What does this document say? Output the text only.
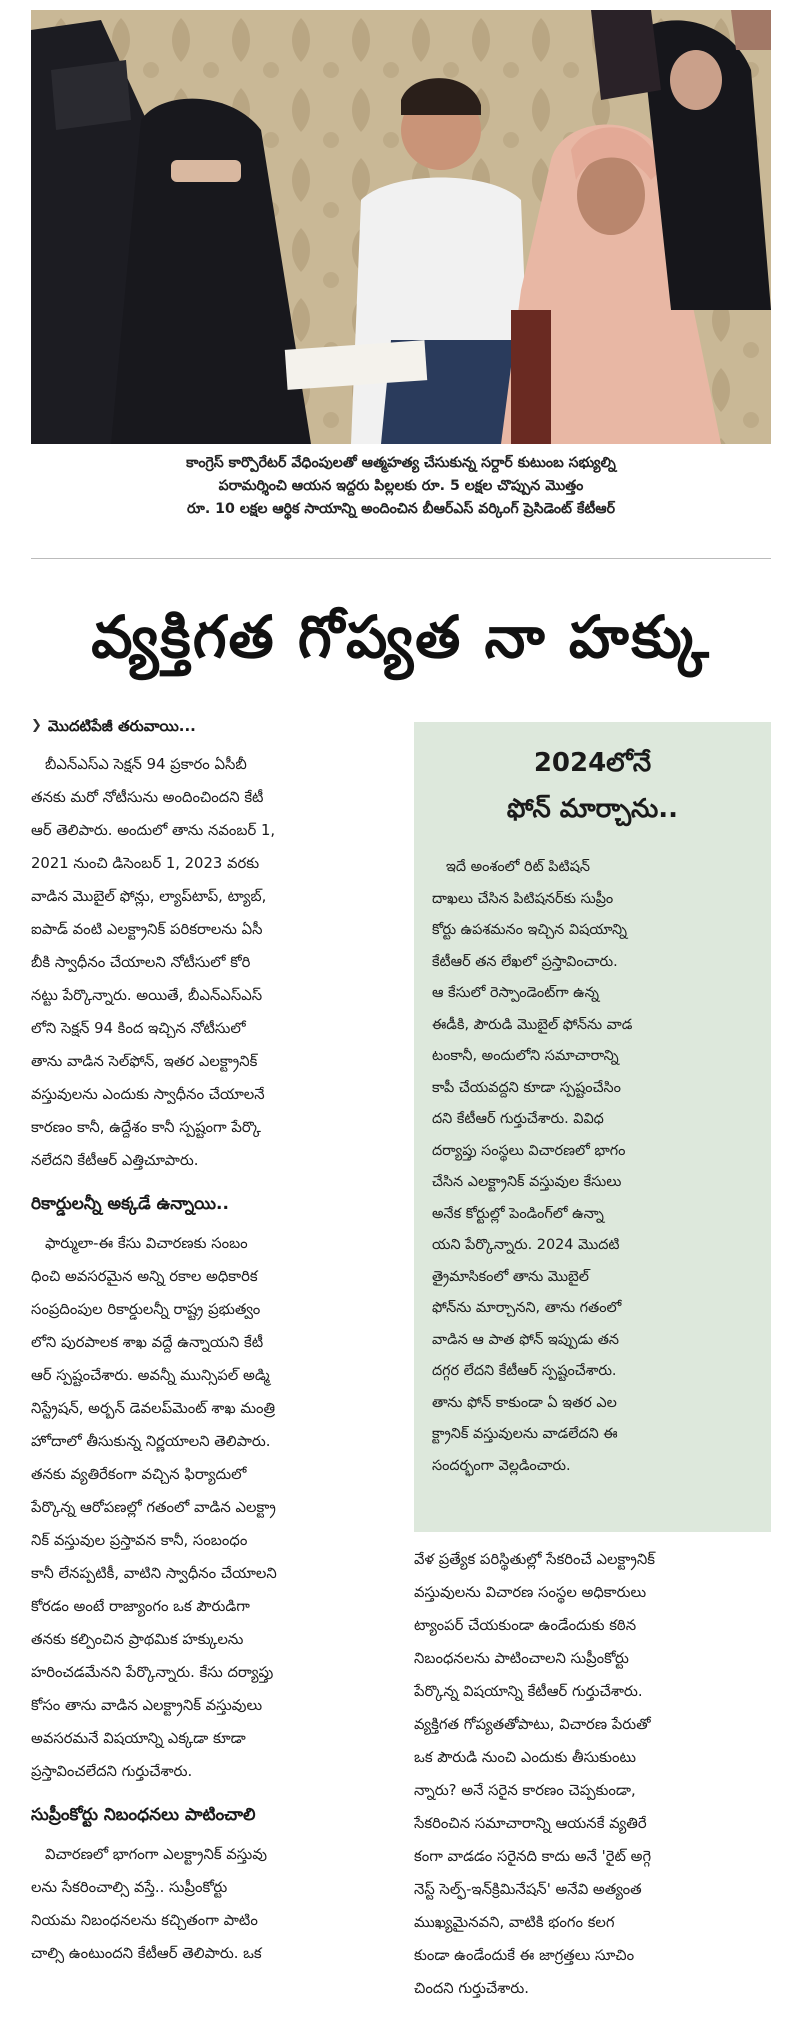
కాంగ్రెస్ కార్పొరేటర్ వేధింపులతో ఆత్మహత్య చేసుకున్న సర్దార్ కుటుంబ సభ్యుల్ని
పరామర్శించి ఆయన ఇద్దరు పిల్లలకు రూ. 5 లక్షల చొప్పున మొత్తం
రూ. 10 లక్షల ఆర్థిక సాయాన్ని అందించిన బీఆర్‌ఎస్ వర్కింగ్ ప్రెసిడెంట్ కేటీఆర్
వ్యక్తిగత గోప్యత నా హక్కు
❯ మొదటిపేజీ తరువాయి...
బీఎన్ఎస్ఎ సెక్షన్ 94 ప్రకారం ఏసీబీ
తనకు మరో నోటీసును అందించిందని కేటీ
ఆర్ తెలిపారు. అందులో తాను నవంబర్ 1,
2021 నుంచి డిసెంబర్ 1, 2023 వరకు
వాడిన మొబైల్ ఫోన్లు, ల్యాప్‌టాప్, ట్యాబ్,
ఐపాడ్ వంటి ఎలక్ట్రానిక్ పరికరాలను ఏసీ
బీకి స్వాధీనం చేయాలని నోటీసులో కోరి
నట్టు పేర్కొన్నారు. అయితే, బీఎన్ఎస్ఎస్
లోని సెక్షన్ 94 కింద ఇచ్చిన నోటీసులో
తాను వాడిన సెల్‌ఫోన్, ఇతర ఎలక్ట్రానిక్
వస్తువులను ఎందుకు స్వాధీనం చేయాలనే
కారణం కానీ, ఉద్దేశం కానీ స్పష్టంగా పేర్కొ
నలేదని కేటీఆర్ ఎత్తిచూపారు.
రికార్డులన్నీ అక్కడే ఉన్నాయి..
ఫార్ములా-ఈ కేసు విచారణకు సంబం
ధించి అవసరమైన అన్ని రకాల అధికారిక
సంప్రదింపుల రికార్డులన్నీ రాష్ట్ర ప్రభుత్వం
లోని పురపాలక శాఖ వద్దే ఉన్నాయని కేటీ
ఆర్ స్పష్టంచేశారు. అవన్నీ మున్సిపల్ అడ్మి
నిస్ట్రేషన్, అర్బన్ డెవలప్‌మెంట్ శాఖ మంత్రి
హోదాలో తీసుకున్న నిర్ణయాలని తెలిపారు.
తనకు వ్యతిరేకంగా వచ్చిన ఫిర్యాదులో
పేర్కొన్న ఆరోపణల్లో గతంలో వాడిన ఎలక్ట్రా
నిక్ వస్తువుల ప్రస్తావన కానీ, సంబంధం
కానీ లేనప్పటికీ, వాటిని స్వాధీనం చేయాలని
కోరడం అంటే రాజ్యాంగం ఒక పౌరుడిగా
తనకు కల్పించిన ప్రాథమిక హక్కులను
హరించడమేనని పేర్కొన్నారు. కేసు దర్యాప్తు
కోసం తాను వాడిన ఎలక్ట్రానిక్ వస్తువులు
అవసరమనే విషయాన్ని ఎక్కడా కూడా
ప్రస్తావించలేదని గుర్తుచేశారు.
సుప్రీంకోర్టు నిబంధనలు పాటించాలి
విచారణలో భాగంగా ఎలక్ట్రానిక్ వస్తువు
లను సేకరించాల్సి వస్తే.. సుప్రీంకోర్టు
నియమ నిబంధనలను కచ్చితంగా పాటిం
చాల్సి ఉంటుందని కేటీఆర్ తెలిపారు. ఒక
2024లోనే
ఫోన్ మార్చాను..
ఇదే అంశంలో రిట్ పిటిషన్
దాఖలు చేసిన పిటిషనర్‌కు సుప్రీం
కోర్టు ఉపశమనం ఇచ్చిన విషయాన్ని
కేటీఆర్ తన లేఖలో ప్రస్తావించారు.
ఆ కేసులో రెస్పాండెంట్‌గా ఉన్న
ఈడీకి, పౌరుడి మొబైల్ ఫోన్‌ను వాడ
టంకానీ, అందులోని సమాచారాన్ని
కాపీ చేయవద్దని కూడా స్పష్టంచేసిం
దని కేటీఆర్ గుర్తుచేశారు. వివిధ
దర్యాప్తు సంస్థలు విచారణలో భాగం
చేసిన ఎలక్ట్రానిక్ వస్తువుల కేసులు
అనేక కోర్టుల్లో పెండింగ్‌లో ఉన్నా
యని పేర్కొన్నారు. 2024 మొదటి
త్రైమాసికంలో తాను మొబైల్
ఫోన్‌ను మార్చానని, తాను గతంలో
వాడిన ఆ పాత ఫోన్ ఇప్పుడు తన
దగ్గర లేదని కేటీఆర్ స్పష్టంచేశారు.
తాను ఫోన్ కాకుండా ఏ ఇతర ఎల
క్ట్రానిక్ వస్తువులను వాడలేదని ఈ
సందర్భంగా వెల్లడించారు.
వేళ ప్రత్యేక పరిస్థితుల్లో సేకరించే ఎలక్ట్రానిక్
వస్తువులను విచారణ సంస్థల అధికారులు
ట్యాంపర్ చేయకుండా ఉండేందుకు కఠిన
నిబంధనలను పాటించాలని సుప్రీంకోర్టు
పేర్కొన్న విషయాన్ని కేటీఆర్ గుర్తుచేశారు.
వ్యక్తిగత గోప్యతతోపాటు, విచారణ పేరుతో
ఒక పౌరుడి నుంచి ఎందుకు తీసుకుంటు
న్నారు? అనే సరైన కారణం చెప్పకుండా,
సేకరించిన సమాచారాన్ని ఆయనకే వ్యతిరే
కంగా వాడడం సరైనది కాదు అనే 'రైట్ అగ్గె
నెస్ట్ సెల్ఫ్-ఇన్‌క్రిమినేషన్' అనేవి అత్యంత
ముఖ్యమైనవని, వాటికి భంగం కలగ
కుండా ఉండేందుకే ఈ జాగ్రత్తలు సూచిం
చిందని గుర్తుచేశారు.
